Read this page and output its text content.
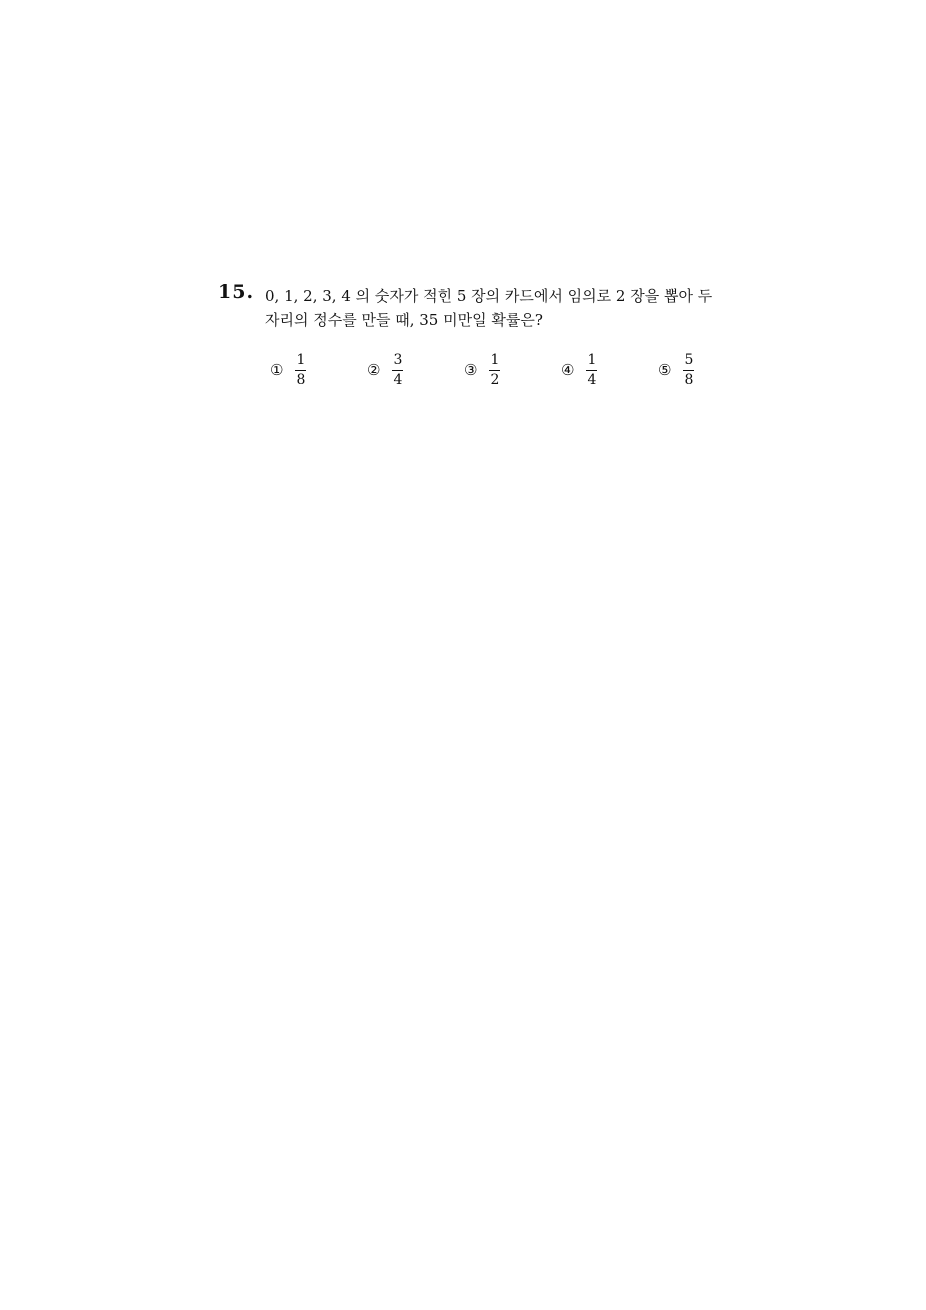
15. 0, 1, 2, 3, 4 의 숫자가 적힌 5 장의 카드에서 임의로 2 장을 뽑아 두
자리의 정수를 만들 때, 35 미만일 확률은?
① $\frac{1}{8}$	② $\frac{3}{4}$	③ $\frac{1}{2}$	④ $\frac{1}{4}$	⑤ $\frac{5}{8}$
